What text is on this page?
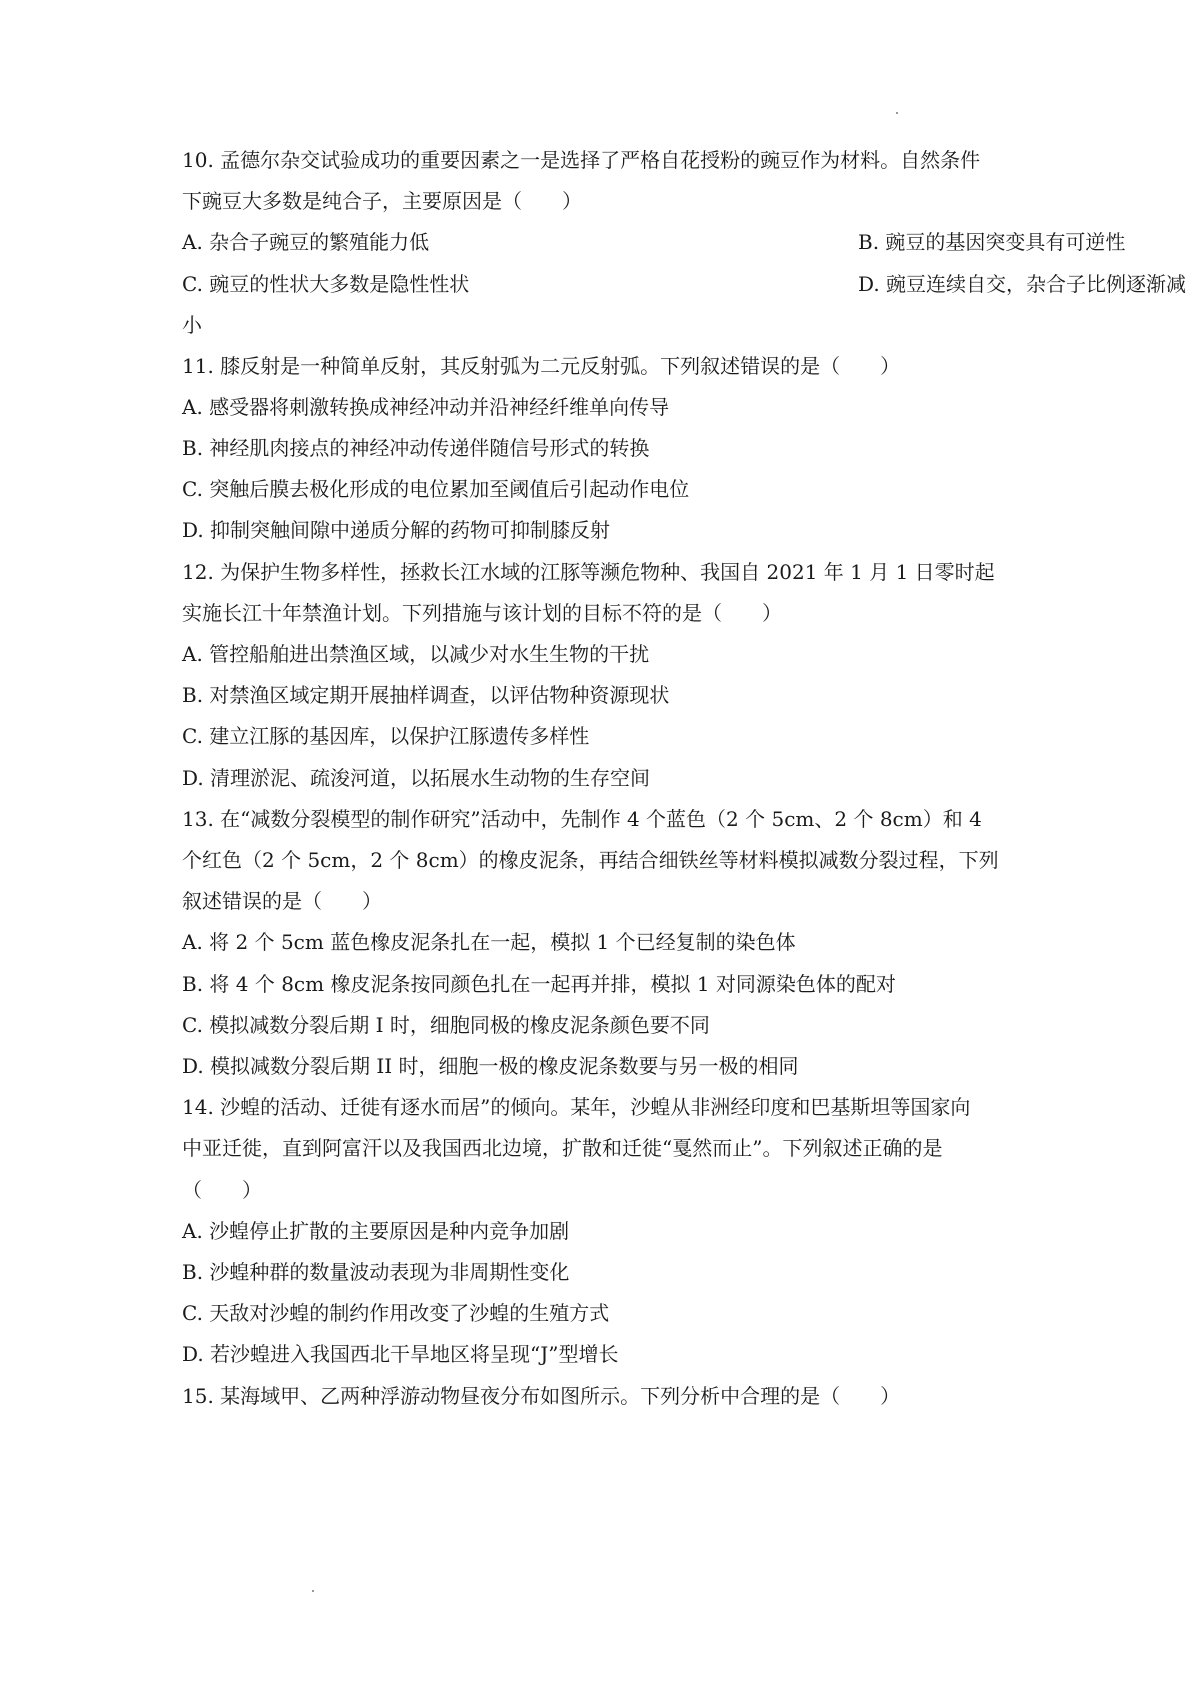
10. 孟德尔杂交试验成功的重要因素之一是选择了严格自花授粉的豌豆作为材料。自然条件
下豌豆大多数是纯合子，主要原因是（　　）
A. 杂合子豌豆的繁殖能力低	B. 豌豆的基因突变具有可逆性
C. 豌豆的性状大多数是隐性性状	D. 豌豆连续自交，杂合子比例逐渐减
小
11. 膝反射是一种简单反射，其反射弧为二元反射弧。下列叙述错误的是（　　）
A. 感受器将刺激转换成神经冲动并沿神经纤维单向传导
B. 神经肌肉接点的神经冲动传递伴随信号形式的转换
C. 突触后膜去极化形成的电位累加至阈值后引起动作电位
D. 抑制突触间隙中递质分解的药物可抑制膝反射
12. 为保护生物多样性，拯救长江水域的江豚等濒危物种、我国自 2021 年 1 月 1 日零时起
实施长江十年禁渔计划。下列措施与该计划的目标不符的是（　　）
A. 管控船舶进出禁渔区域，以减少对水生生物的干扰
B. 对禁渔区域定期开展抽样调查，以评估物种资源现状
C. 建立江豚的基因库，以保护江豚遗传多样性
D. 清理淤泥、疏浚河道，以拓展水生动物的生存空间
13. 在“减数分裂模型的制作研究”活动中，先制作 4 个蓝色（2 个 5cm、2 个 8cm）和 4
个红色（2 个 5cm，2 个 8cm）的橡皮泥条，再结合细铁丝等材料模拟减数分裂过程，下列
叙述错误的是（　　）
A. 将 2 个 5cm 蓝色橡皮泥条扎在一起，模拟 1 个已经复制的染色体
B. 将 4 个 8cm 橡皮泥条按同颜色扎在一起再并排，模拟 1 对同源染色体的配对
C. 模拟减数分裂后期 I 时，细胞同极的橡皮泥条颜色要不同
D. 模拟减数分裂后期 II 时，细胞一极的橡皮泥条数要与另一极的相同
14. 沙蝗的活动、迁徙有逐水而居”的倾向。某年，沙蝗从非洲经印度和巴基斯坦等国家向
中亚迁徙，直到阿富汗以及我国西北边境，扩散和迁徙“戛然而止”。下列叙述正确的是
（　　）
A. 沙蝗停止扩散的主要原因是种内竞争加剧
B. 沙蝗种群的数量波动表现为非周期性变化
C. 天敌对沙蝗的制约作用改变了沙蝗的生殖方式
D. 若沙蝗进入我国西北干旱地区将呈现“J”型增长
15. 某海域甲、乙两种浮游动物昼夜分布如图所示。下列分析中合理的是（　　）
